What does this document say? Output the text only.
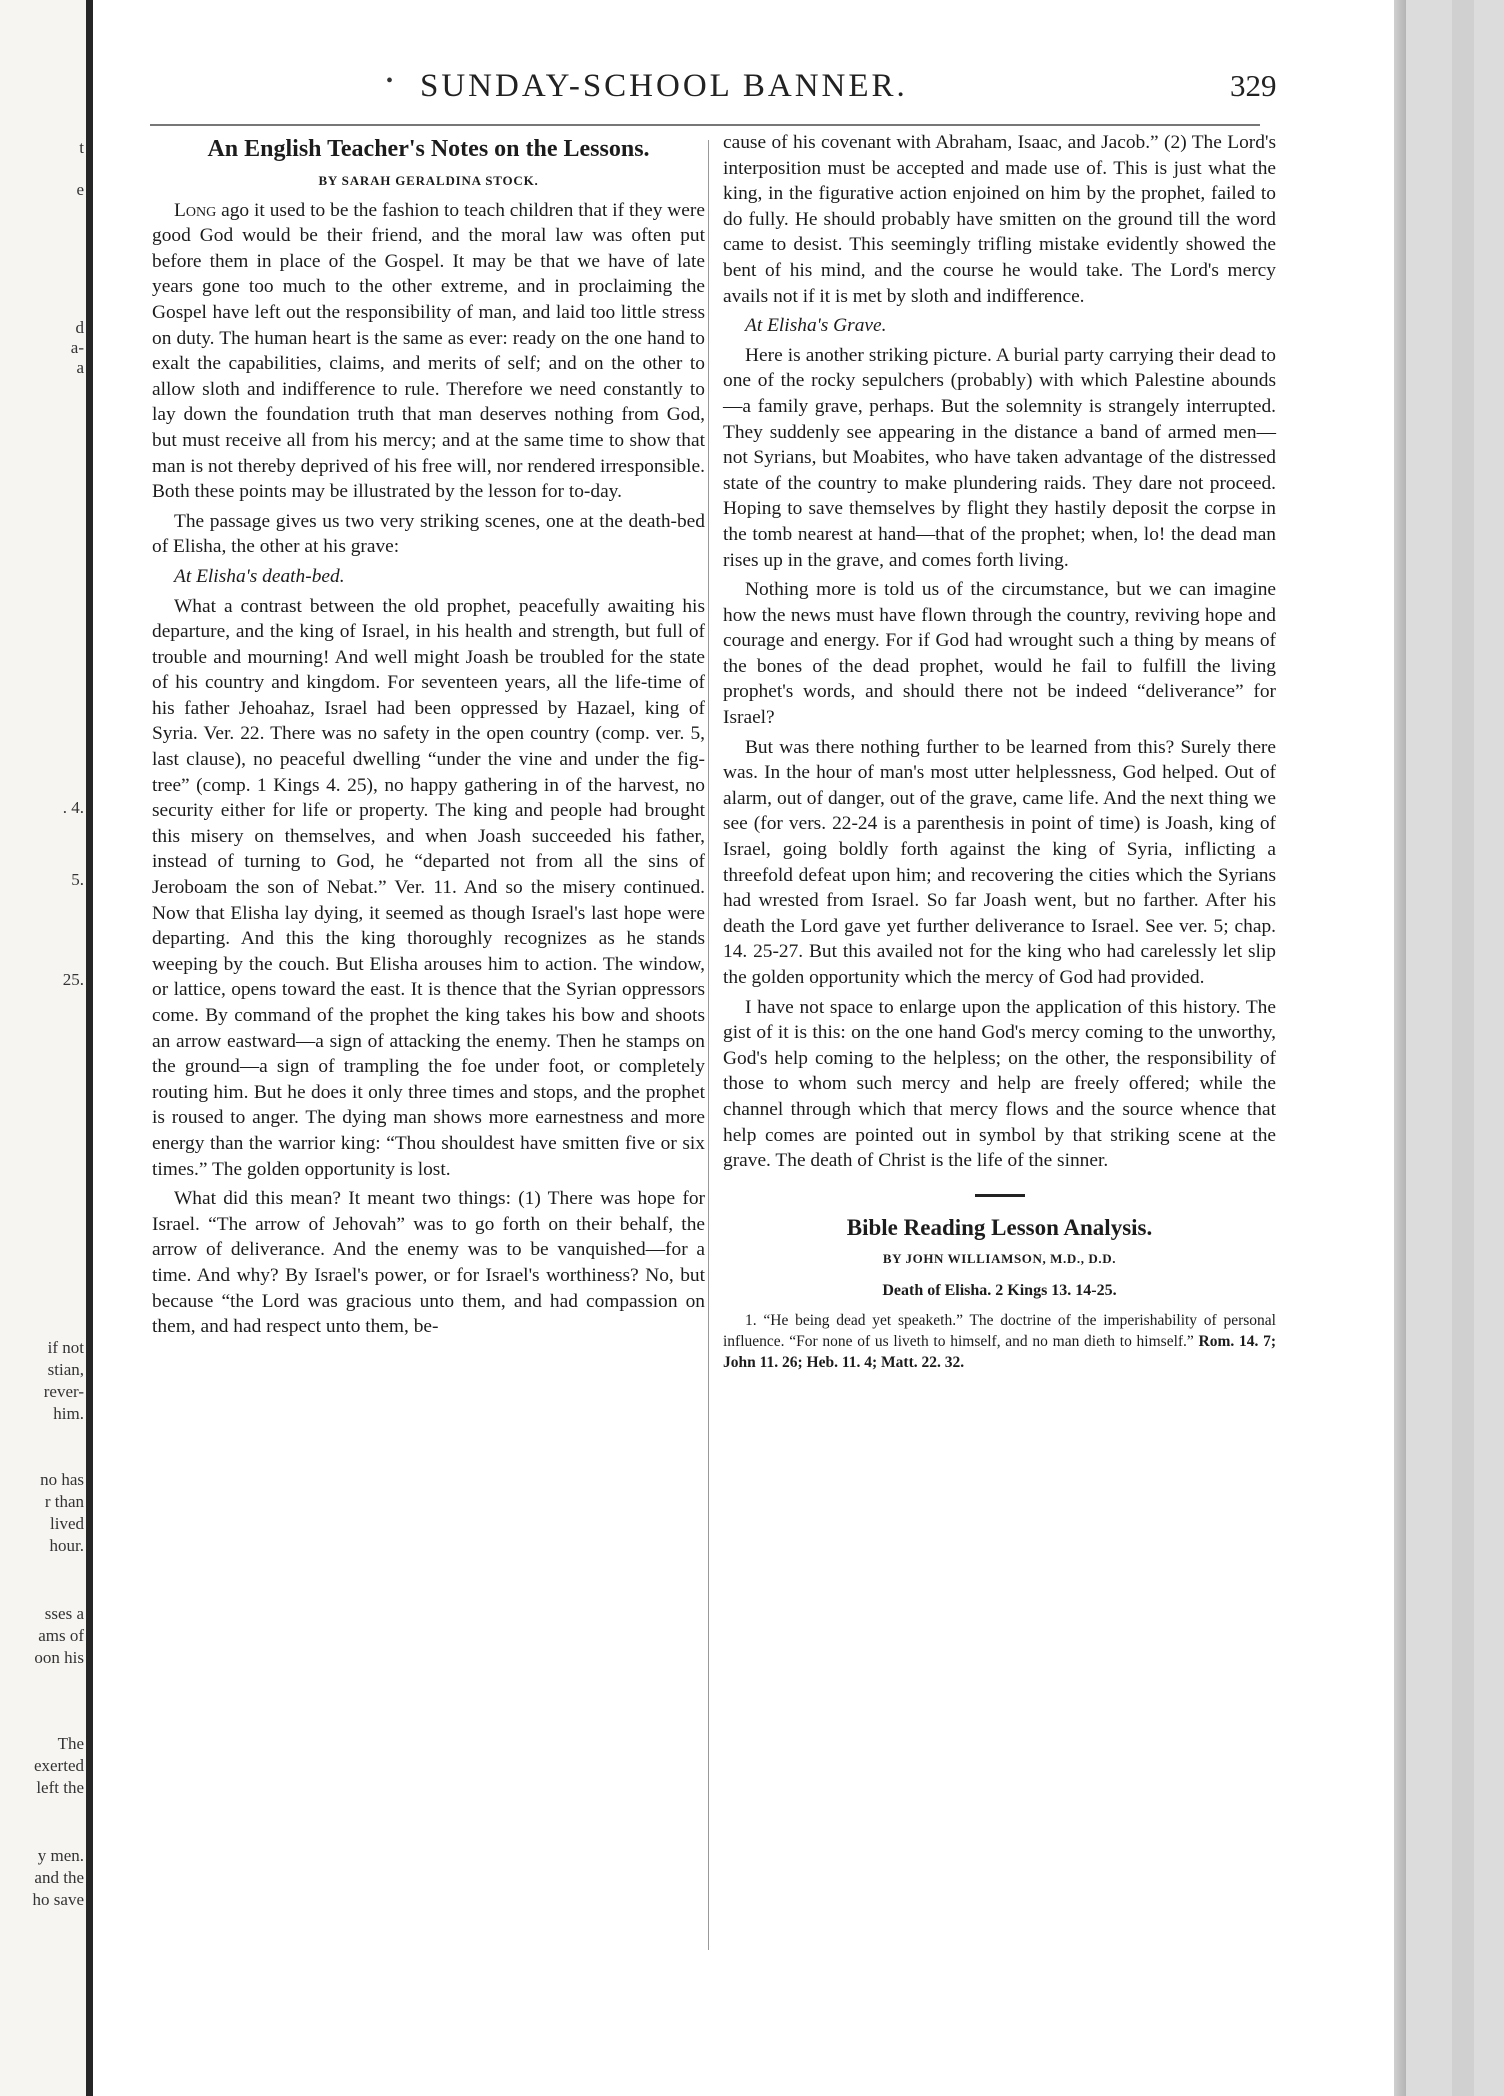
t
e
d
a-
a
. 4.
5.
25.
if not
stian,
rever-
him.
no has
r than
lived
hour.
sses a
ams of
oon his
The
exerted
left the
y men.
and the
ho save
• SUNDAY-SCHOOL BANNER.	329
An English Teacher's Notes on the Lessons.
BY SARAH GERALDINA STOCK.

Long ago it used to be the fashion to teach children that if they were good God would be their friend, and the moral law was often put before them in place of the Gospel. It may be that we have of late years gone too much to the other extreme, and in proclaiming the Gospel have left out the responsibility of man, and laid too little stress on duty. The human heart is the same as ever: ready on the one hand to exalt the capabilities, claims, and merits of self; and on the other to allow sloth and indifference to rule. Therefore we need constantly to lay down the foundation truth that man deserves nothing from God, but must receive all from his mercy; and at the same time to show that man is not thereby deprived of his free will, nor rendered irresponsible. Both these points may be illustrated by the lesson for to-day.

The passage gives us two very striking scenes, one at the death-bed of Elisha, the other at his grave:

At Elisha's death-bed.

What a contrast between the old prophet, peacefully awaiting his departure, and the king of Israel, in his health and strength, but full of trouble and mourning! And well might Joash be troubled for the state of his country and kingdom. For seventeen years, all the life-time of his father Jehoahaz, Israel had been oppressed by Hazael, king of Syria. Ver. 22. There was no safety in the open country (comp. ver. 5, last clause), no peaceful dwelling “under the vine and under the fig-tree” (comp. 1 Kings 4. 25), no happy gathering in of the harvest, no security either for life or property. The king and people had brought this misery on themselves, and when Joash succeeded his father, instead of turning to God, he “departed not from all the sins of Jeroboam the son of Nebat.” Ver. 11. And so the misery continued. Now that Elisha lay dying, it seemed as though Israel's last hope were departing. And this the king thoroughly recognizes as he stands weeping by the couch. But Elisha arouses him to action. The window, or lattice, opens toward the east. It is thence that the Syrian oppressors come. By command of the prophet the king takes his bow and shoots an arrow eastward—a sign of attacking the enemy. Then he stamps on the ground—a sign of trampling the foe under foot, or completely routing him. But he does it only three times and stops, and the prophet is roused to anger. The dying man shows more earnestness and more energy than the warrior king: “Thou shouldest have smitten five or six times.” The golden opportunity is lost.

What did this mean? It meant two things: (1) There was hope for Israel. “The arrow of Jehovah” was to go forth on their behalf, the arrow of deliverance. And the enemy was to be vanquished—for a time. And why? By Israel's power, or for Israel's worthiness? No, but because “the Lord was gracious unto them, and had compassion on them, and had respect unto them, be-

cause of his covenant with Abraham, Isaac, and Jacob.” (2) The Lord's interposition must be accepted and made use of. This is just what the king, in the figurative action enjoined on him by the prophet, failed to do fully. He should probably have smitten on the ground till the word came to desist. This seemingly trifling mistake evidently showed the bent of his mind, and the course he would take. The Lord's mercy avails not if it is met by sloth and indifference.

At Elisha's Grave.

Here is another striking picture. A burial party carrying their dead to one of the rocky sepulchers (probably) with which Palestine abounds—a family grave, perhaps. But the solemnity is strangely interrupted. They suddenly see appearing in the distance a band of armed men—not Syrians, but Moabites, who have taken advantage of the distressed state of the country to make plundering raids. They dare not proceed. Hoping to save themselves by flight they hastily deposit the corpse in the tomb nearest at hand—that of the prophet; when, lo! the dead man rises up in the grave, and comes forth living.

Nothing more is told us of the circumstance, but we can imagine how the news must have flown through the country, reviving hope and courage and energy. For if God had wrought such a thing by means of the bones of the dead prophet, would he fail to fulfill the living prophet's words, and should there not be indeed “deliverance” for Israel?

But was there nothing further to be learned from this? Surely there was. In the hour of man's most utter helplessness, God helped. Out of alarm, out of danger, out of the grave, came life. And the next thing we see (for vers. 22-24 is a parenthesis in point of time) is Joash, king of Israel, going boldly forth against the king of Syria, inflicting a threefold defeat upon him; and recovering the cities which the Syrians had wrested from Israel. So far Joash went, but no farther. After his death the Lord gave yet further deliverance to Israel. See ver. 5; chap. 14. 25-27. But this availed not for the king who had carelessly let slip the golden opportunity which the mercy of God had provided.

I have not space to enlarge upon the application of this history. The gist of it is this: on the one hand God's mercy coming to the unworthy, God's help coming to the helpless; on the other, the responsibility of those to whom such mercy and help are freely offered; while the channel through which that mercy flows and the source whence that help comes are pointed out in symbol by that striking scene at the grave. The death of Christ is the life of the sinner.

Bible Reading Lesson Analysis.
BY JOHN WILLIAMSON, M.D., D.D.
Death of Elisha. 2 Kings 13. 14-25.

1. “He being dead yet speaketh.” The doctrine of the imperishability of personal influence. “For none of us liveth to himself, and no man dieth to himself.” Rom. 14. 7; John 11. 26; Heb. 11. 4; Matt. 22. 32.
